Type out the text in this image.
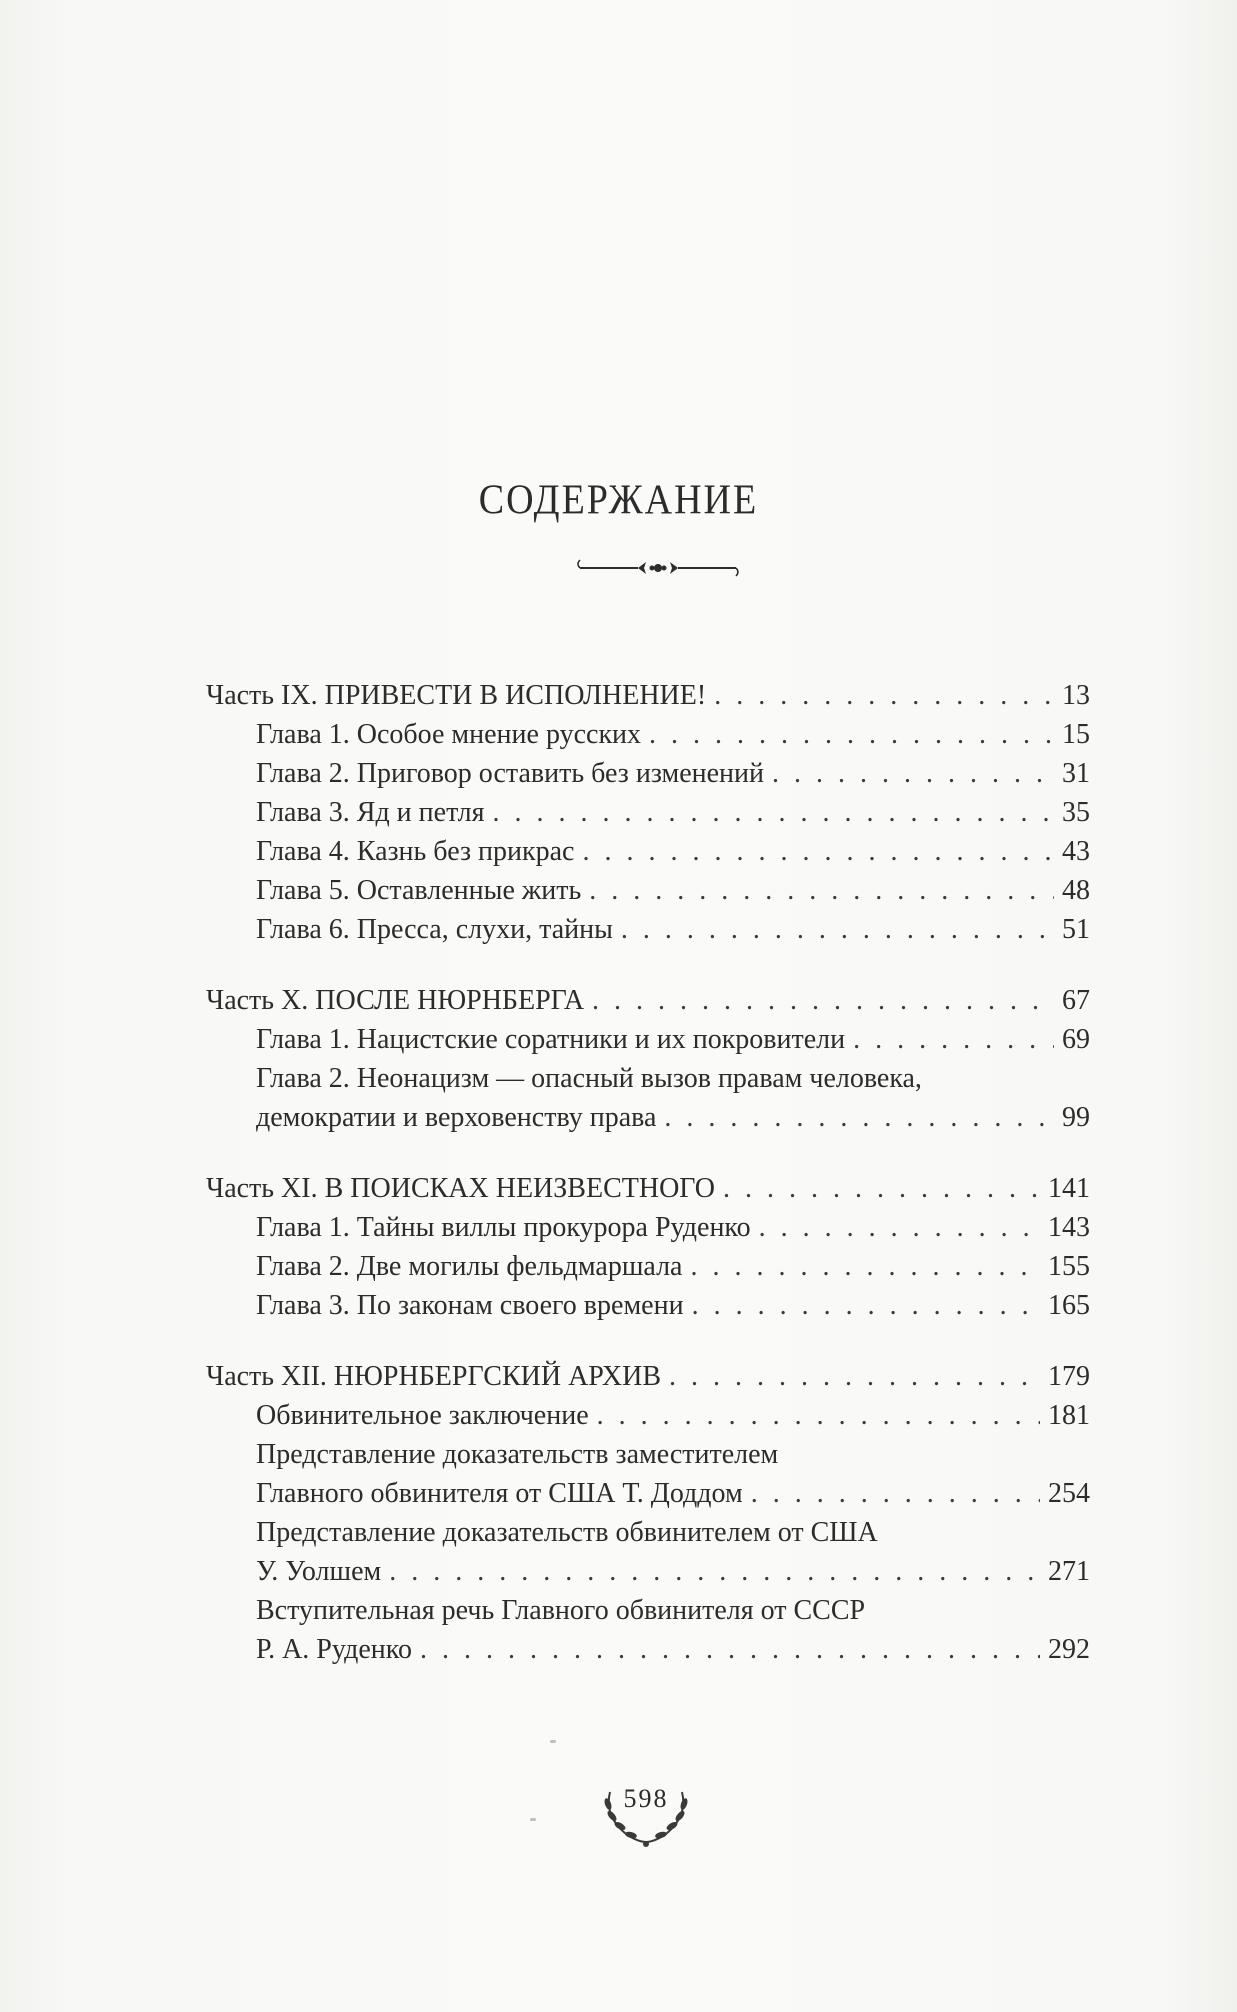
СОДЕРЖАНИЕ
Часть IX. ПРИВЕСТИ В ИСПОЛНЕНИЕ! . . .	13
Глава 1. Особое мнение русских . . .	15
Глава 2. Приговор оставить без изменений . . .	31
Глава 3. Яд и петля . . .	35
Глава 4. Казнь без прикрас . . .	43
Глава 5. Оставленные жить . . .	48
Глава 6. Пресса, слухи, тайны . . .	51
Часть X. ПОСЛЕ НЮРНБЕРГА . . .	67
Глава 1. Нацистские соратники и их покровители . . .	69
Глава 2. Неонацизм — опасный вызов правам человека,
демократии и верховенству права . . .	99
Часть XI. В ПОИСКАХ НЕИЗВЕСТНОГО . . .	141
Глава 1. Тайны виллы прокурора Руденко . . .	143
Глава 2. Две могилы фельдмаршала . . .	155
Глава 3. По законам своего времени . . .	165
Часть XII. НЮРНБЕРГСКИЙ АРХИВ . . .	179
Обвинительное заключение . . .	181
Представление доказательств заместителем
Главного обвинителя от США Т. Доддом . . .	254
Представление доказательств обвинителем от США
У. Уолшем . . .	271
Вступительная речь Главного обвинителя от СССР
Р. А. Руденко . . .	292
598
